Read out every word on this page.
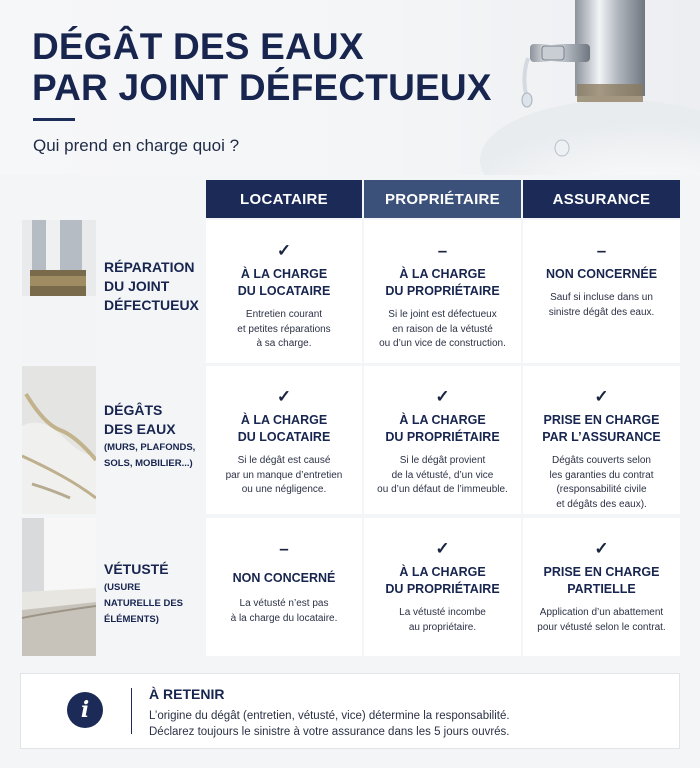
DÉGÂT DES EAUX
PAR JOINT DÉFECTUEUX
Qui prend en charge quoi ?
LOCATAIRE	PROPRIÉTAIRE	ASSURANCE
RÉPARATION DU JOINT DÉFECTUEUX
✓
À LA CHARGE
DU LOCATAIRE
Entretien courant
et petites réparations
à sa charge.
–
À LA CHARGE
DU PROPRIÉTAIRE
Si le joint est défectueux
en raison de la vétusté
ou d’un vice de construction.
–
NON CONCERNÉE
Sauf si incluse dans un
sinistre dégât des eaux.
DÉGÂTS DES EAUX
(MURS, PLAFONDS, SOLS, MOBILIER...)
✓
À LA CHARGE
DU LOCATAIRE
Si le dégât est causé
par un manque d’entretien
ou une négligence.
✓
À LA CHARGE
DU PROPRIÉTAIRE
Si le dégât provient
de la vétusté, d’un vice
ou d’un défaut de l’immeuble.
✓
PRISE EN CHARGE
PAR L’ASSURANCE
Dégâts couverts selon
les garanties du contrat
(responsabilité civile
et dégâts des eaux).
VÉTUSTÉ
(USURE NATURELLE DES ÉLÉMENTS)
–
NON CONCERNÉ
La vétusté n’est pas
à la charge du locataire.
✓
À LA CHARGE
DU PROPRIÉTAIRE
La vétusté incombe
au propriétaire.
✓
PRISE EN CHARGE
PARTIELLE
Application d’un abattement
pour vétusté selon le contrat.
i
À RETENIR
L’origine du dégât (entretien, vétusté, vice) détermine la responsabilité.
Déclarez toujours le sinistre à votre assurance dans les 5 jours ouvrés.
